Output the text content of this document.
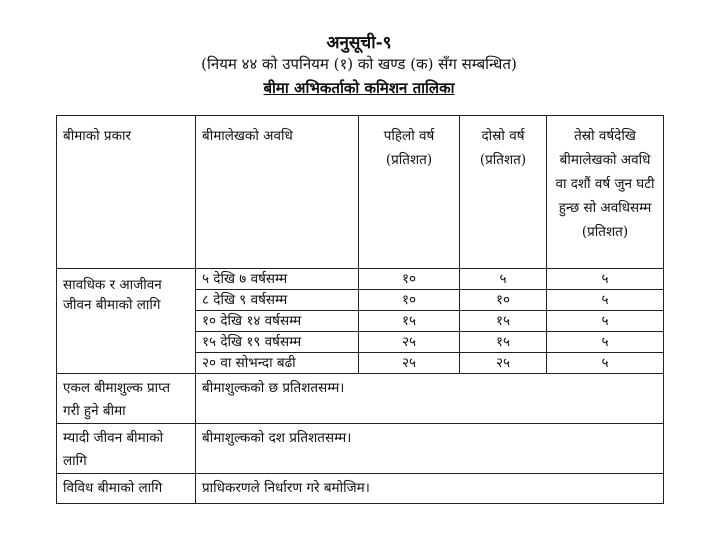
अनुसूची-९
(नियम ४४ को उपनियम (१) को खण्ड (क) सँग सम्बन्धित)
बीमा अभिकर्ताको कमिशन तालिका
बीमाको प्रकार	बीमालेखको अवधि	पहिलो वर्ष (प्रतिशत)	दोस्रो वर्ष (प्रतिशत)	तेस्रो वर्षदेखि बीमालेखको अवधि वा दशौं वर्ष जुन घटी हुन्छ सो अवधिसम्म (प्रतिशत)
सावधिक र आजीवन जीवन बीमाको लागि	५ देखि ७ वर्षसम्म	१०	५	५
	८ देखि ९ वर्षसम्म	१०	१०	५
	१० देखि १४ वर्षसम्म	१५	१५	५
	१५ देखि १९ वर्षसम्म	२५	१५	५
	२० वा सोभन्दा बढी	२५	२५	५
एकल बीमाशुल्क प्राप्त गरी हुने बीमा	बीमाशुल्कको छ प्रतिशतसम्म।			
म्यादी जीवन बीमाको लागि	बीमाशुल्कको दश प्रतिशतसम्म।			
विविध बीमाको लागि	प्राधिकरणले निर्धारण गरे बमोजिम।			
